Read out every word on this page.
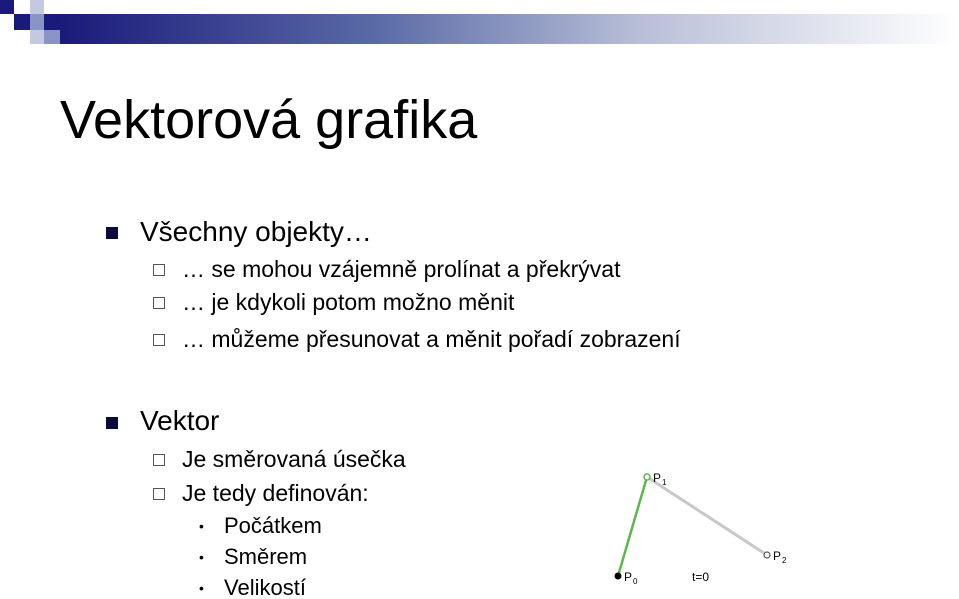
Vektorová grafika
Všechny objekty…
… se mohou vzájemně prolínat a překrývat
… je kdykoli potom možno měnit
… můžeme přesunovat a měnit pořadí zobrazení
Vektor
Je směrovaná úsečka
Je tedy definován:
• Počátkem
• Směrem
• Velikostí
P 1
P 2
P 0	t=0
